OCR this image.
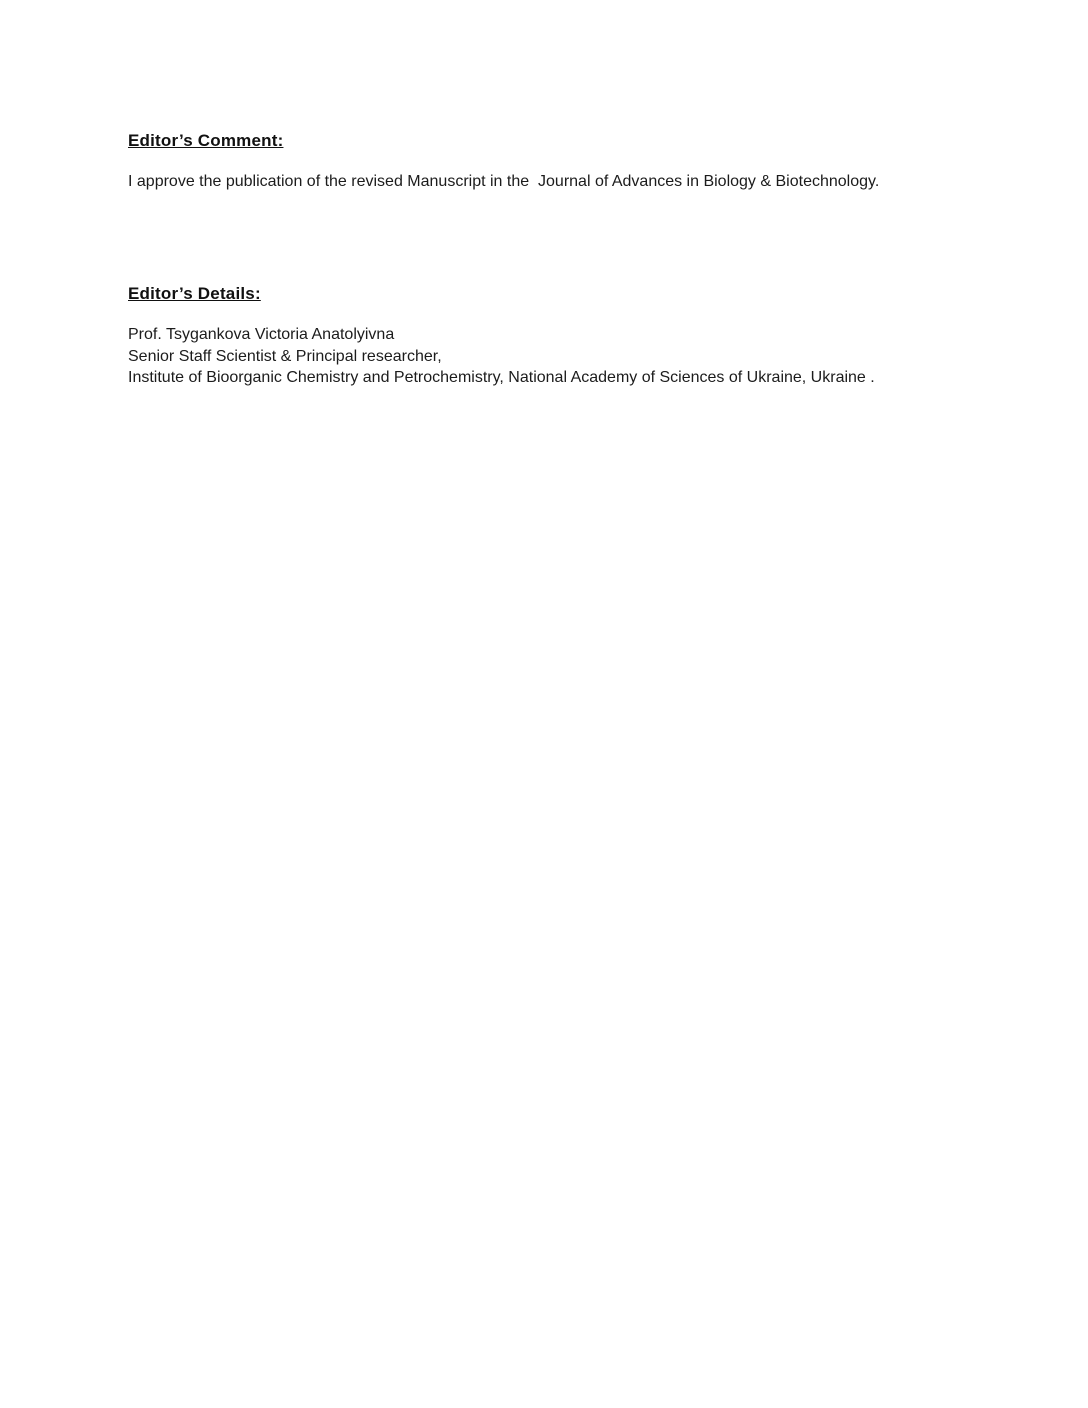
Editor’s Comment:
I approve the publication of the revised Manuscript in the  Journal of Advances in Biology & Biotechnology.
Editor’s Details:
Prof. Tsygankova Victoria Anatolyivna
Senior Staff Scientist & Principal researcher,
Institute of Bioorganic Chemistry and Petrochemistry, National Academy of Sciences of Ukraine, Ukraine .
